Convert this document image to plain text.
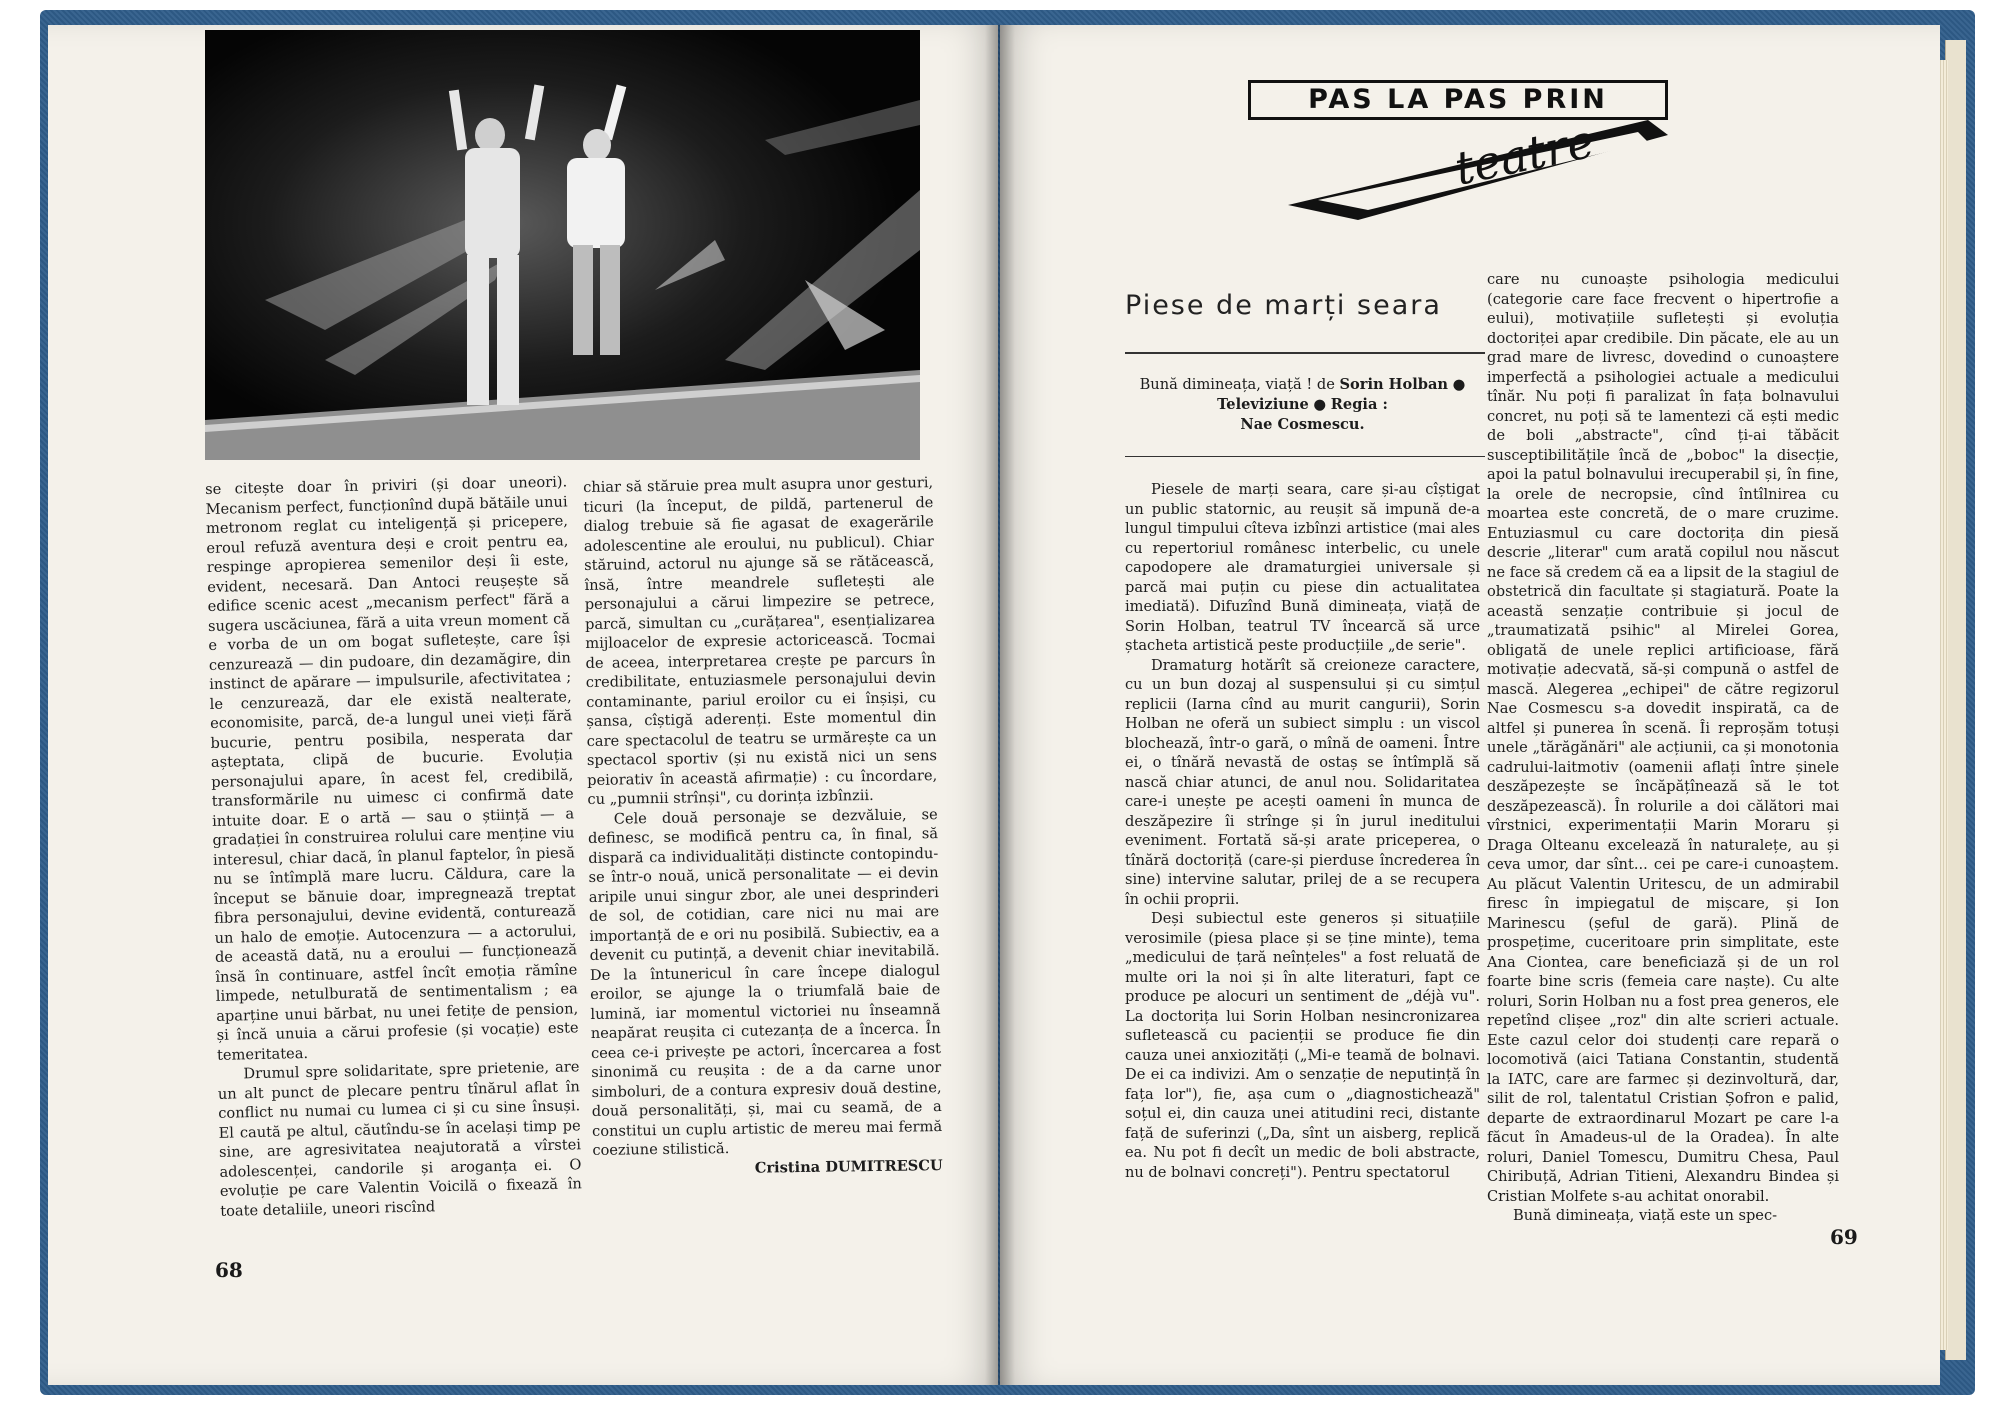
se citește doar în priviri (și doar uneori). Mecanism perfect, funcționînd după bătăile unui metronom reglat cu inteligență și pricepere, eroul refuză aventura deși e croit pentru ea, respinge apropierea semenilor deși îi este, evident, necesară. Dan Antoci reușește să edifice scenic acest „mecanism perfect" fără a sugera uscăciunea, fără a uita vreun moment că e vorba de un om bogat sufletește, care își cenzurează — din pudoare, din dezamăgire, din instinct de apărare — impulsurile, afectivitatea ; le cenzurează, dar ele există nealterate, economisite, parcă, de-a lungul unei vieți fără bucurie, pentru posibila, nesperata dar așteptata, clipă de bucurie. Evoluția personajului apare, în acest fel, credibilă, transformările nu uimesc ci confirmă date intuite doar. E o artă — sau o știință — a gradației în construirea rolului care menține viu interesul, chiar dacă, în planul faptelor, în piesă nu se întîmplă mare lucru. Căldura, care la început se bănuie doar, impregnează treptat fibra personajului, devine evidentă, conturează un halo de emoție. Autocenzura — a actorului, de această dată, nu a eroului — funcționează însă în continuare, astfel încît emoția rămîne limpede, netulburată de sentimentalism ; ea aparține unui bărbat, nu unei fetițe de pension, și încă unuia a cărui profesie (și vocație) este temeritatea.

Drumul spre solidaritate, spre prietenie, are un alt punct de plecare pentru tînărul aflat în conflict nu numai cu lumea ci și cu sine însuși. El caută pe altul, căutîndu-se în același timp pe sine, are agresivitatea neajutorată a vîrstei adolescenței, candorile și aroganța ei. O evoluție pe care Valentin Voicilă o fixează în toate detaliile, uneori riscînd

chiar să stăruie prea mult asupra unor gesturi, ticuri (la început, de pildă, partenerul de dialog trebuie să fie agasat de exagerările adolescentine ale eroului, nu publicul). Chiar stăruind, actorul nu ajunge să se rătăcească, însă, între meandrele sufletești ale personajului a cărui limpezire se petrece, parcă, simultan cu „curățarea", esențializarea mijloacelor de expresie actoricească. Tocmai de aceea, interpretarea crește pe parcurs în credibilitate, entuziasmele personajului devin contaminante, pariul eroilor cu ei înșiși, cu șansa, cîștigă aderenți. Este momentul din care spectacolul de teatru se urmărește ca un spectacol sportiv (și nu există nici un sens peiorativ în această afirmație) : cu încordare, cu „pumnii strînși", cu dorința izbînzii.

Cele două personaje se dezvăluie, se definesc, se modifică pentru ca, în final, să dispară ca individualități distincte contopindu-se într-o nouă, unică personalitate — ei devin aripile unui singur zbor, ale unei desprinderi de sol, de cotidian, care nici nu mai are importanță de e ori nu posibilă. Subiectiv, ea a devenit cu putință, a devenit chiar inevitabilă. De la întunericul în care începe dialogul eroilor, se ajunge la o triumfală baie de lumină, iar momentul victoriei nu înseamnă neapărat reușita ci cutezanța de a încerca. În ceea ce-i privește pe actori, încercarea a fost sinonimă cu reușita : de a da carne unor simboluri, de a contura expresiv două destine, două personalități, și, mai cu seamă, de a constitui un cuplu artistic de mereu mai fermă coeziune stilistică.

Cristina DUMITRESCU

68
PAS LA PAS PRIN
teatre
Piese de marți seara
Bună dimineața, viață ! de Sorin Holban ● Televiziune ● Regia :
Nae Cosmescu.

Piesele de marți seara, care și-au cîștigat un public statornic, au reușit să impună de-a lungul timpului cîteva izbînzi artistice (mai ales cu repertoriul românesc interbelic, cu unele capodopere ale dramaturgiei universale și parcă mai puțin cu piese din actualitatea imediată). Difuzînd Bună dimineața, viață de Sorin Holban, teatrul TV încearcă să urce ștacheta artistică peste producțiile „de serie".

Dramaturg hotărît să creioneze caractere, cu un bun dozaj al suspensului și cu simțul replicii (Iarna cînd au murit cangurii), Sorin Holban ne oferă un subiect simplu : un viscol blochează, într-o gară, o mînă de oameni. Între ei, o tînără nevastă de ostaș se întîmplă să nască chiar atunci, de anul nou. Solidaritatea care-i unește pe acești oameni în munca de deszăpezire îi strînge și în jurul ineditului eveniment. Fortată să-și arate priceperea, o tînără doctoriță (care-și pierduse încrederea în sine) intervine salutar, prilej de a se recupera în ochii proprii.

Deși subiectul este generos și situațiile verosimile (piesa place și se ține minte), tema „medicului de țară neînțeles" a fost reluată de multe ori la noi și în alte literaturi, fapt ce produce pe alocuri un sentiment de „déjà vu". La doctorița lui Sorin Holban nesincronizarea sufletească cu pacienții se produce fie din cauza unei anxiozități („Mi-e teamă de bolnavi. De ei ca indivizi. Am o senzație de neputință în fața lor"), fie, așa cum o „diagnostichează" soțul ei, din cauza unei atitudini reci, distante față de suferinzi („Da, sînt un aisberg, replică ea. Nu pot fi decît un medic de boli abstracte, nu de bolnavi concreți"). Pentru spectatorul

care nu cunoaște psihologia medicului (categorie care face frecvent o hipertrofie a eului), motivațiile sufletești și evoluția doctoriței apar credibile. Din păcate, ele au un grad mare de livresc, dovedind o cunoaștere imperfectă a psihologiei actuale a medicului tînăr. Nu poți fi paralizat în fața bolnavului concret, nu poți să te lamentezi că ești medic de boli „abstracte", cînd ți-ai tăbăcit susceptibilitățile încă de „boboc" la disecție, apoi la patul bolnavului irecuperabil și, în fine, la orele de necropsie, cînd întîlnirea cu moartea este concretă, de o mare cruzime. Entuziasmul cu care doctorița din piesă descrie „literar" cum arată copilul nou născut ne face să credem că ea a lipsit de la stagiul de obstetrică din facultate și stagiatură. Poate la această senzație contribuie și jocul de „traumatizată psihic" al Mirelei Gorea, obligată de unele replici artificioase, fără motivație adecvată, să-și compună o astfel de mască. Alegerea „echipei" de către regizorul Nae Cosmescu s-a dovedit inspirată, ca de altfel și punerea în scenă. Îi reproșăm totuși unele „tărăgănări" ale acțiunii, ca și monotonia cadrului-laitmotiv (oamenii aflați între șinele deszăpezește se încăpățînează să le tot deszăpezească). În rolurile a doi călători mai vîrstnici, experimentații Marin Moraru și Draga Olteanu excelează în naturalețe, au și ceva umor, dar sînt... cei pe care-i cunoaștem. Au plăcut Valentin Uritescu, de un admirabil firesc în impiegatul de mișcare, și Ion Marinescu (șeful de gară). Plină de prospețime, cuceritoare prin simplitate, este Ana Ciontea, care beneficiază și de un rol foarte bine scris (femeia care naște). Cu alte roluri, Sorin Holban nu a fost prea generos, ele repetînd clișee „roz" din alte scrieri actuale. Este cazul celor doi studenți care repară o locomotivă (aici Tatiana Constantin, studentă la IATC, care are farmec și dezinvoltură, dar, silit de rol, talentatul Cristian Șofron e palid, departe de extraordinarul Mozart pe care l-a făcut în Amadeus-ul de la Oradea). În alte roluri, Daniel Tomescu, Dumitru Chesa, Paul Chiribuță, Adrian Titieni, Alexandru Bindea și Cristian Molfete s-au achitat onorabil.

Bună dimineața, viață este un spec-

69
